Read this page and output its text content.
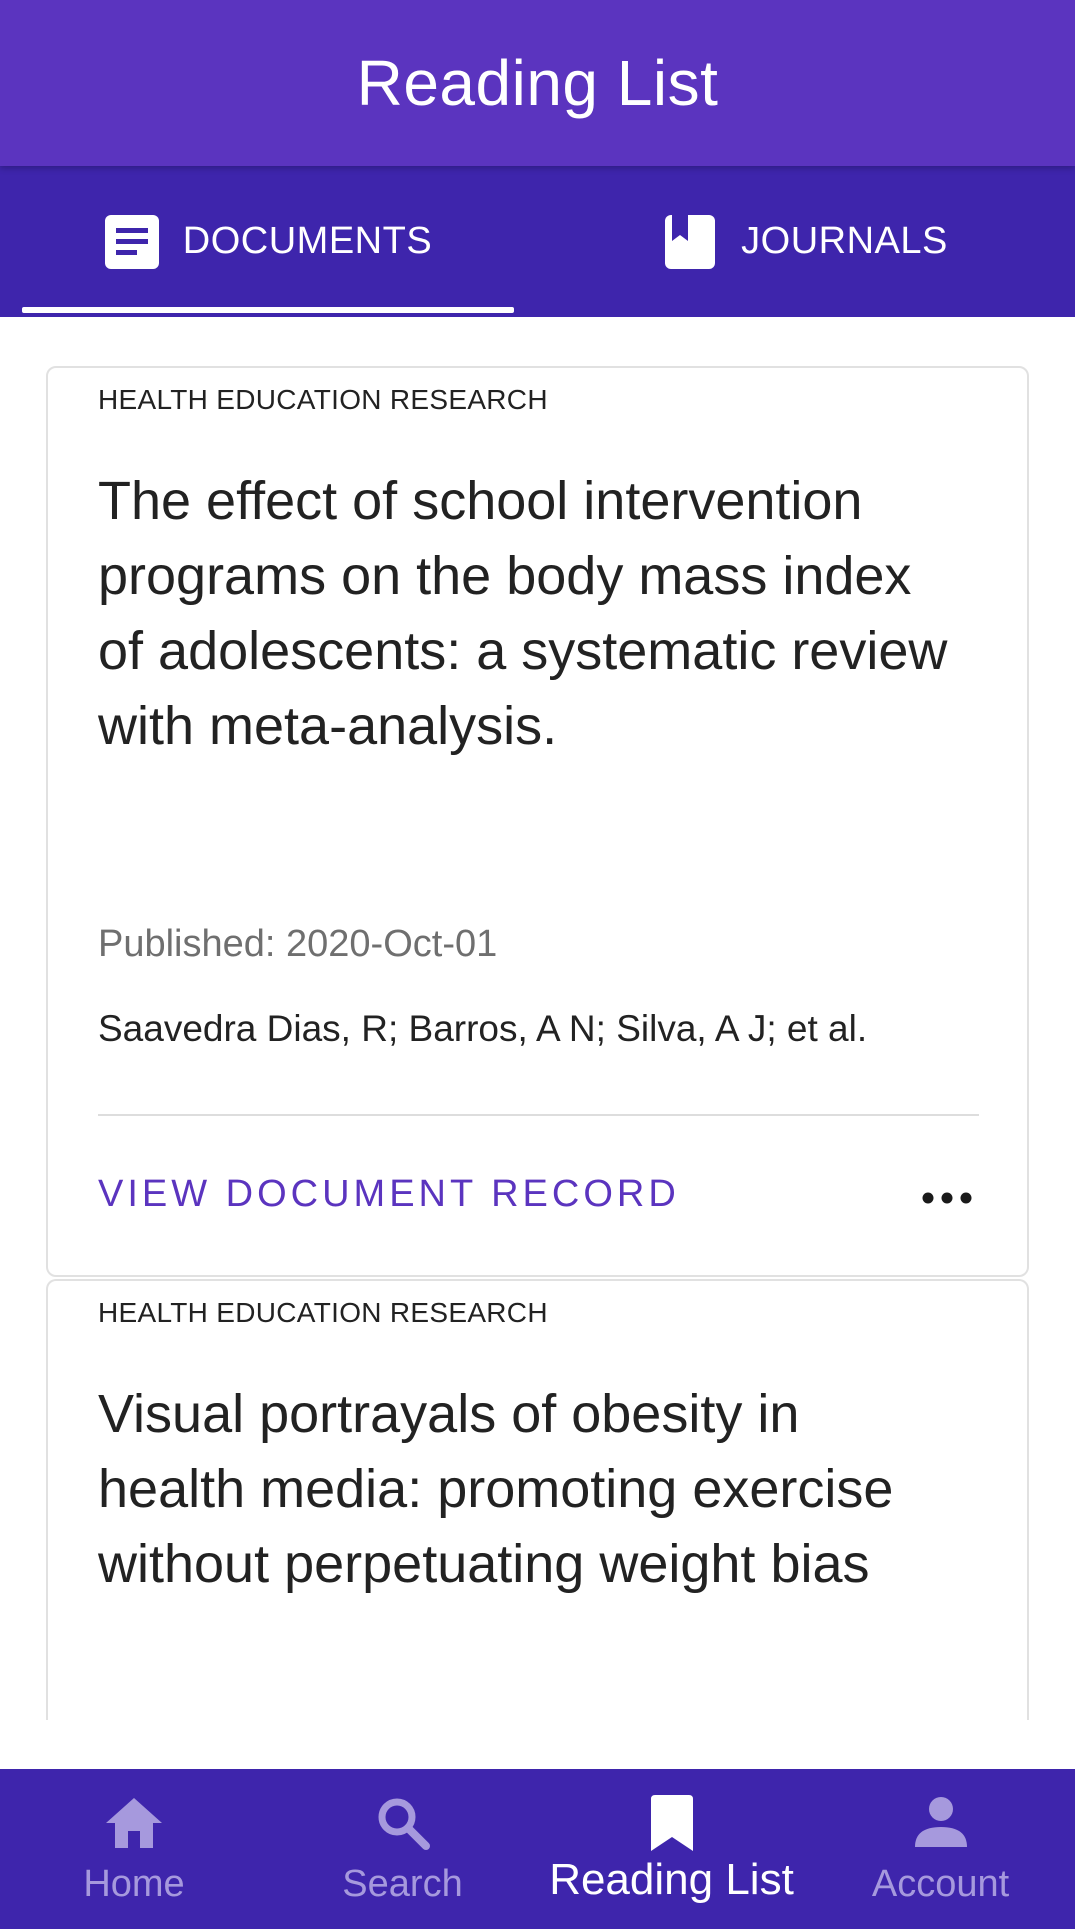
Reading List
DOCUMENTS	JOURNALS
HEALTH EDUCATION RESEARCH
The effect of school intervention programs on the body mass index of adolescents: a systematic review with meta-analysis.
Published: 2020-Oct-01
Saavedra Dias, R; Barros, A N; Silva, A J; et al.
VIEW DOCUMENT RECORD
HEALTH EDUCATION RESEARCH
Visual portrayals of obesity in health media: promoting exercise without perpetuating weight bias
Home	Search Reading List Account
